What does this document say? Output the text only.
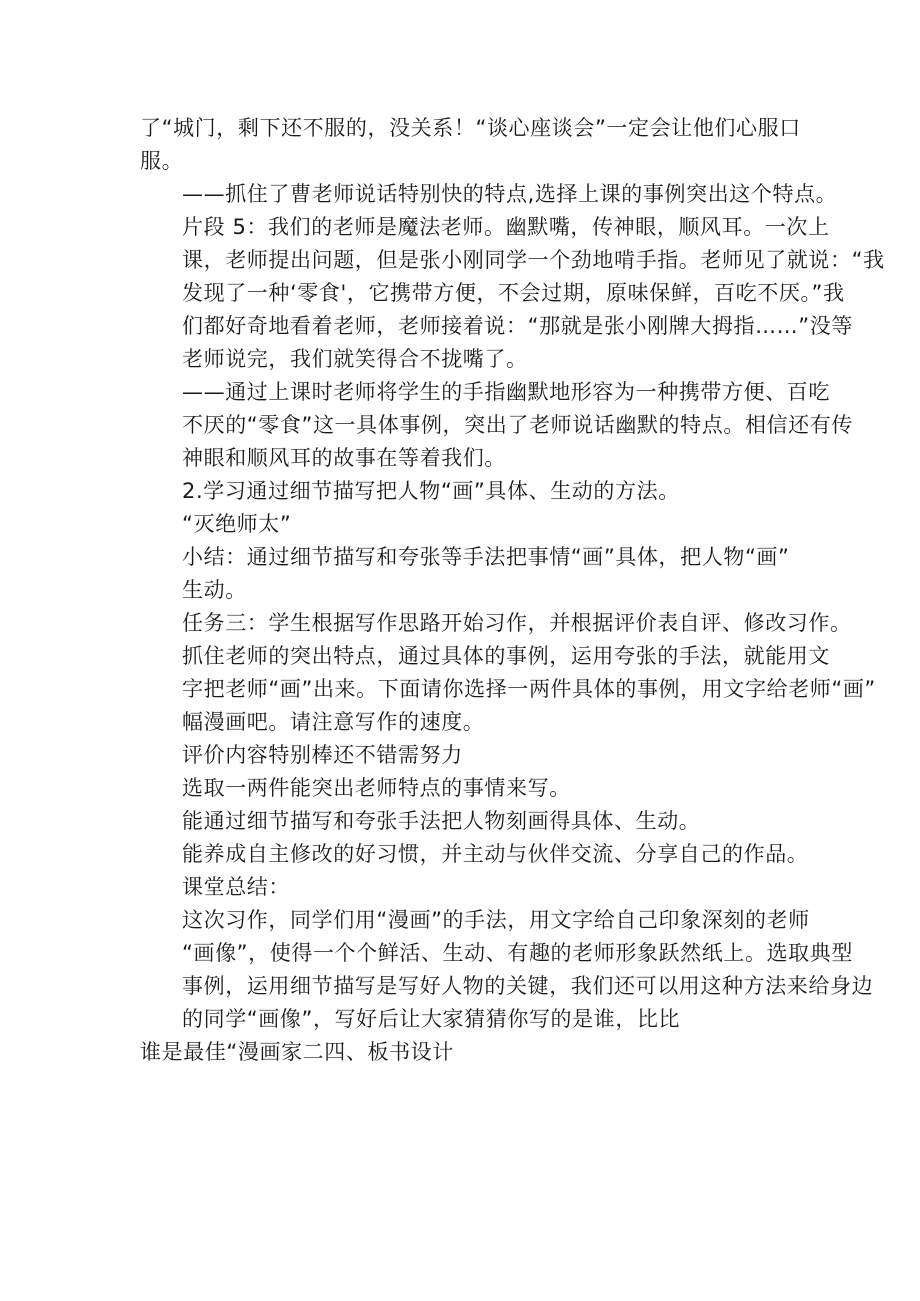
了“城门，剩下还不服的，没关系！“谈心座谈会”一定会让他们心服口
服。

——抓住了曹老师说话特别快的特点,选择上课的事例突出这个特点。

片段 5：我们的老师是魔法老师。幽默嘴，传神眼，顺风耳。一次上
课，老师提出问题，但是张小刚同学一个劲地啃手指。老师见了就说：“我
发现了一种‘零食'，它携带方便，不会过期，原味保鲜，百吃不厌。”我
们都好奇地看着老师，老师接着说：“那就是张小刚牌大拇指……”没等
老师说完，我们就笑得合不拢嘴了。

——通过上课时老师将学生的手指幽默地形容为一种携带方便、百吃
不厌的“零食”这一具体事例，突出了老师说话幽默的特点。相信还有传
神眼和顺风耳的故事在等着我们。

2.学习通过细节描写把人物“画”具体、生动的方法。

“灭绝师太”

小结：通过细节描写和夸张等手法把事情“画”具体，把人物“画”
生动。

任务三：学生根据写作思路开始习作，并根据评价表自评、修改习作。

抓住老师的突出特点，通过具体的事例，运用夸张的手法，就能用文
字把老师“画”出来。下面请你选择一两件具体的事例，用文字给老师“画”
幅漫画吧。请注意写作的速度。

评价内容特别棒还不错需努力

选取一两件能突出老师特点的事情来写。

能通过细节描写和夸张手法把人物刻画得具体、生动。

能养成自主修改的好习惯，并主动与伙伴交流、分享自己的作品。

课堂总结：

这次习作，同学们用“漫画”的手法，用文字给自己印象深刻的老师
“画像”，使得一个个鲜活、生动、有趣的老师形象跃然纸上。选取典型
事例，运用细节描写是写好人物的关键，我们还可以用这种方法来给身边
的同学“画像”，写好后让大家猜猜你写的是谁，比比

谁是最佳“漫画家二四、板书设计
